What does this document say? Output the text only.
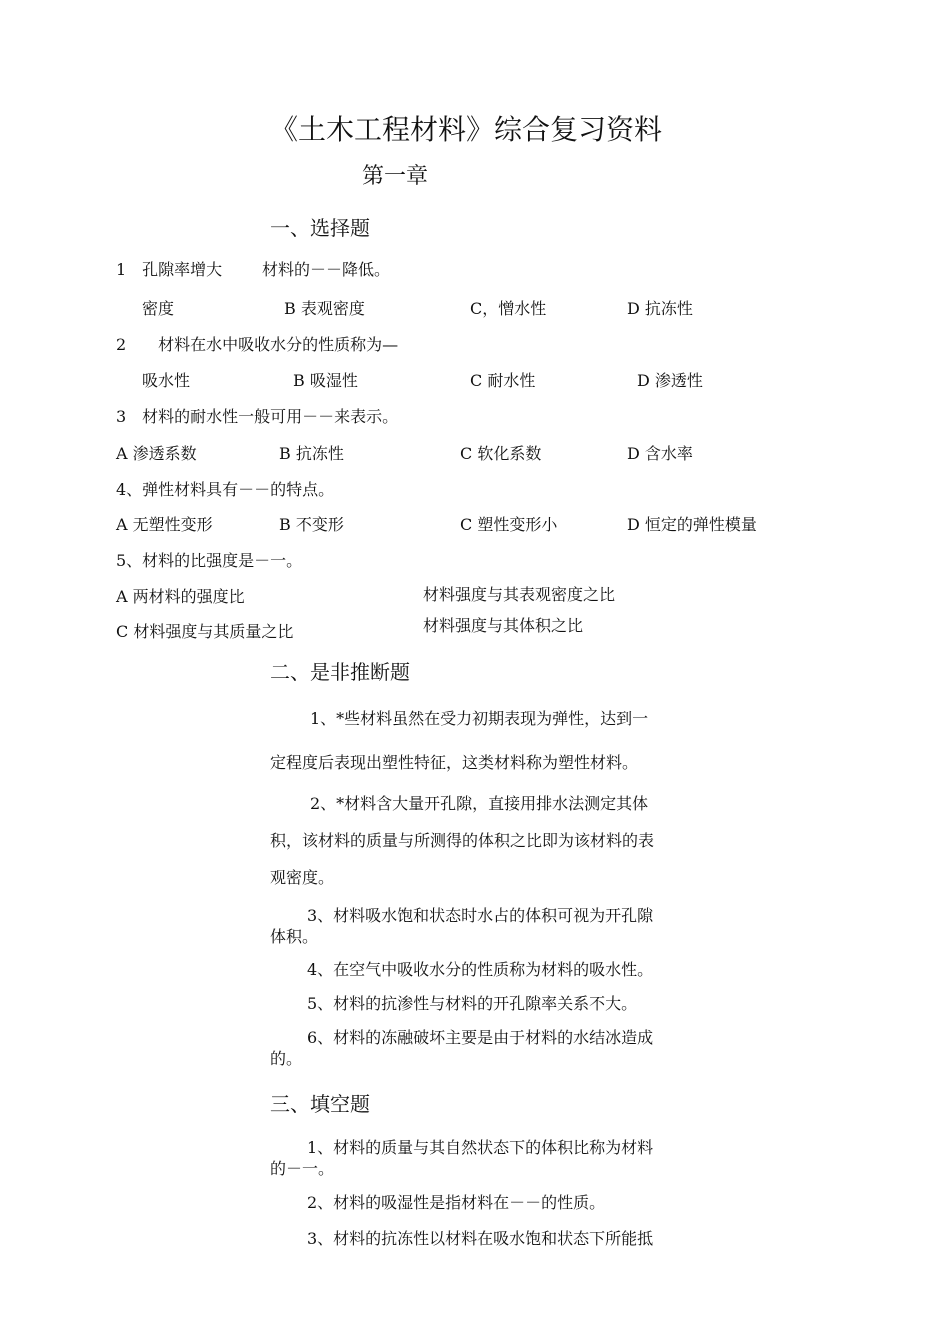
《土木工程材料》综合复习资料
第一章
一、选择题
1　孔隙率增大 材料的－－降低。
密度	B 表观密度	C，憎水性	D 抗冻性
2　　材料在水中吸收水分的性质称为—
吸水性	B 吸湿性	C 耐水性	D 渗透性
3　材料的耐水性一般可用－－来表示。
A 渗透系数	B 抗冻性	C 软化系数	D 含水率
4、弹性材料具有－－的特点。
A 无塑性变形	B 不变形	C 塑性变形小	D 恒定的弹性模量
5、材料的比强度是－一。
A 两材料的强度比	材料强度与其表观密度之比
C 材料强度与其质量之比	材料强度与其体积之比
二、是非推断题
1、*些材料虽然在受力初期表现为弹性，达到一
定程度后表现出塑性特征，这类材料称为塑性材料。
2、*材料含大量开孔隙，直接用排水法测定其体
积，该材料的质量与所测得的体积之比即为该材料的表
观密度。
3、材料吸水饱和状态时水占的体积可视为开孔隙
体积。
4、在空气中吸收水分的性质称为材料的吸水性。
5、材料的抗渗性与材料的开孔隙率关系不大。
6、材料的冻融破坏主要是由于材料的水结冰造成
的。
三、填空题
1、材料的质量与其自然状态下的体积比称为材料
的－一。
2、材料的吸湿性是指材料在－－的性质。
3、材料的抗冻性以材料在吸水饱和状态下所能抵
